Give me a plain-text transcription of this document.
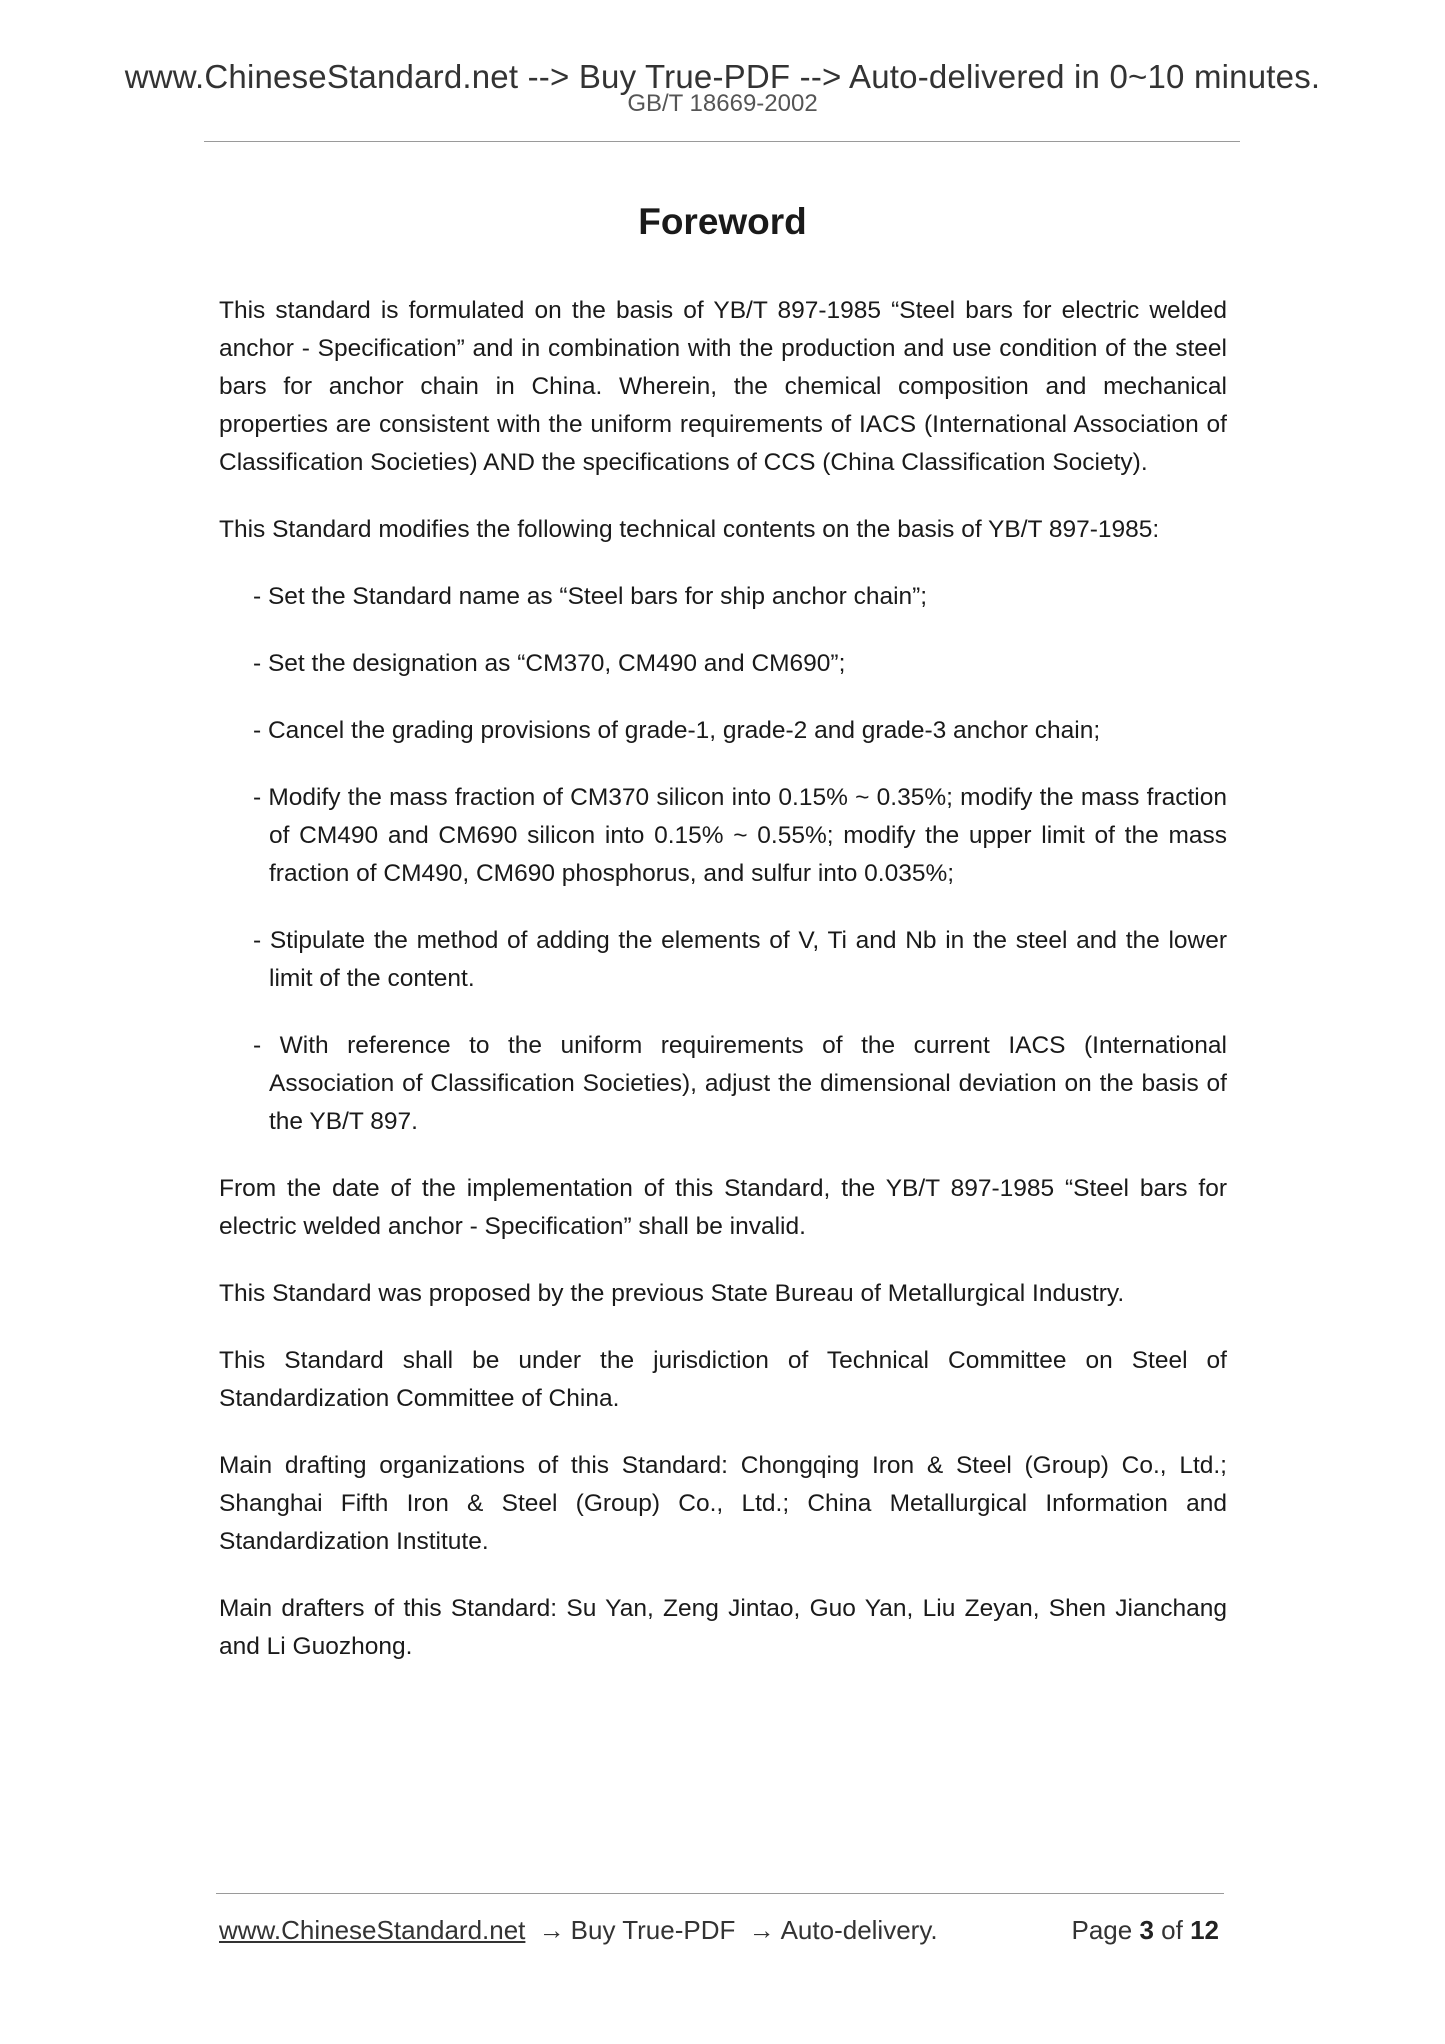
www.ChineseStandard.net --> Buy True-PDF --> Auto-delivered in 0~10 minutes.
GB/T 18669-2002
Foreword

This standard is formulated on the basis of YB/T 897-1985 “Steel bars for electric welded anchor - Specification” and in combination with the production and use condition of the steel bars for anchor chain in China. Wherein, the chemical composition and mechanical properties are consistent with the uniform requirements of IACS (International Association of Classification Societies) AND the specifications of CCS (China Classification Society).

This Standard modifies the following technical contents on the basis of YB/T 897-1985:

- Set the Standard name as “Steel bars for ship anchor chain”;

- Set the designation as “CM370, CM490 and CM690”;

- Cancel the grading provisions of grade-1, grade-2 and grade-3 anchor chain;

- Modify the mass fraction of CM370 silicon into 0.15% ~ 0.35%; modify the mass fraction of CM490 and CM690 silicon into 0.15% ~ 0.55%; modify the upper limit of the mass fraction of CM490, CM690 phosphorus, and sulfur into 0.035%;

- Stipulate the method of adding the elements of V, Ti and Nb in the steel and the lower limit of the content.

- With reference to the uniform requirements of the current IACS (International Association of Classification Societies), adjust the dimensional deviation on the basis of the YB/T 897.

From the date of the implementation of this Standard, the YB/T 897-1985 “Steel bars for electric welded anchor - Specification” shall be invalid.

This Standard was proposed by the previous State Bureau of Metallurgical Industry.

This Standard shall be under the jurisdiction of Technical Committee on Steel of Standardization Committee of China.

Main drafting organizations of this Standard: Chongqing Iron & Steel (Group) Co., Ltd.; Shanghai Fifth Iron & Steel (Group) Co., Ltd.; China Metallurgical Information and Standardization Institute.

Main drafters of this Standard: Su Yan, Zeng Jintao, Guo Yan, Liu Zeyan, Shen Jianchang and Li Guozhong.

www.ChineseStandard.net → Buy True-PDF → Auto-delivery.	Page 3 of 12
